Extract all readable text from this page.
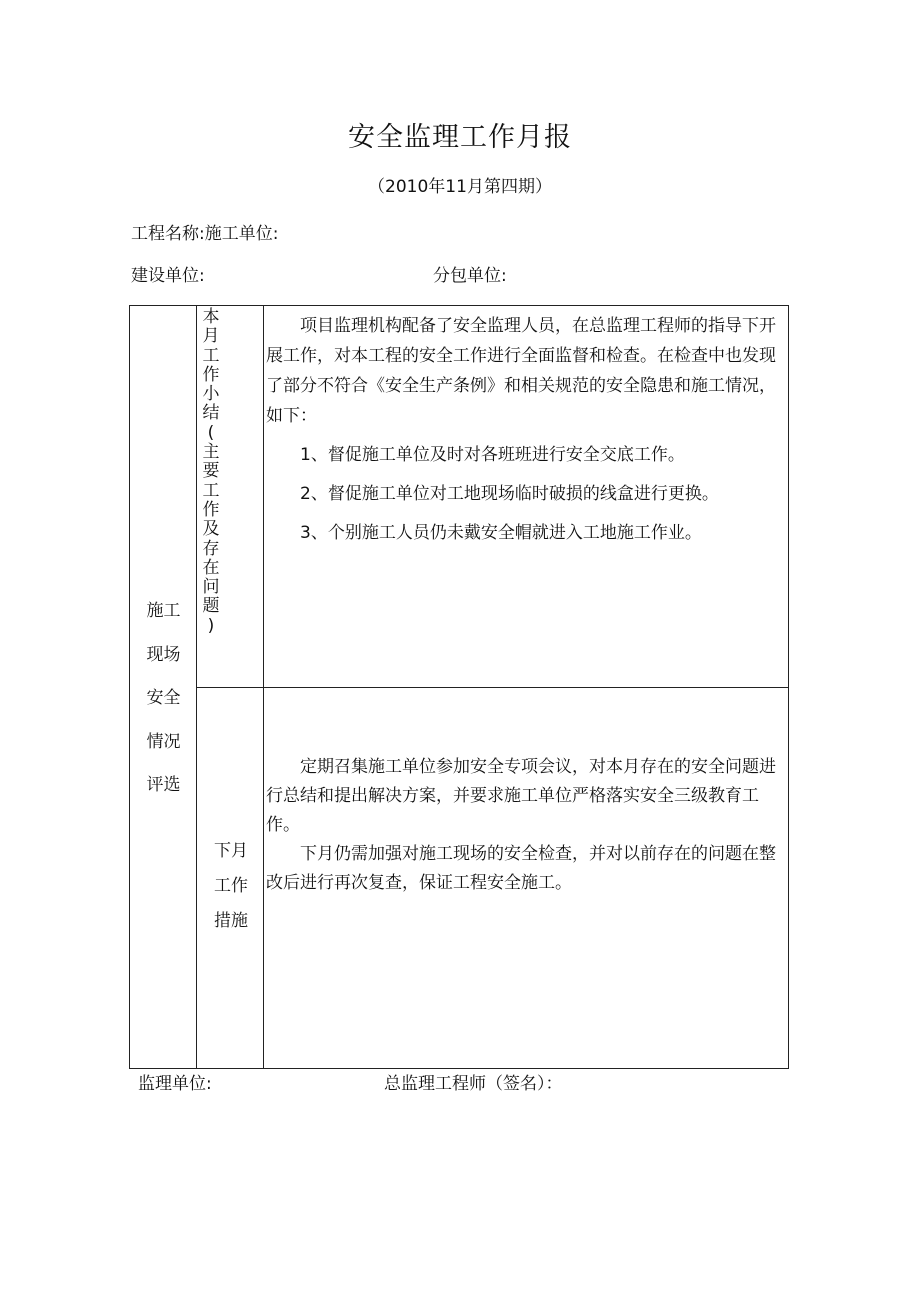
安全监理工作月报
（2010年11月第四期）
工程名称:施工单位:
建设单位:	分包单位:
施工
现场
安全
情况
评选
本
月
工
作
小
结
(
主
要
工
作
及
存
在
问
题
)

项目监理机构配备了安全监理人员，在总监理工程师的指导下开展工作，对本工程的安全工作进行全面监督和检查。在检查中也发现了部分不符合《安全生产条例》和相关规范的安全隐患和施工情况，如下：

1、督促施工单位及时对各班班进行安全交底工作。

2、督促施工单位对工地现场临时破损的线盒进行更换。

3、个别施工人员仍未戴安全帽就进入工地施工作业。

下月
工作
措施

定期召集施工单位参加安全专项会议，对本月存在的安全问题进行总结和提出解决方案，并要求施工单位严格落实安全三级教育工作。

下月仍需加强对施工现场的安全检查，并对以前存在的问题在整改后进行再次复查，保证工程安全施工。

监理单位:	总监理工程师（签名）：
